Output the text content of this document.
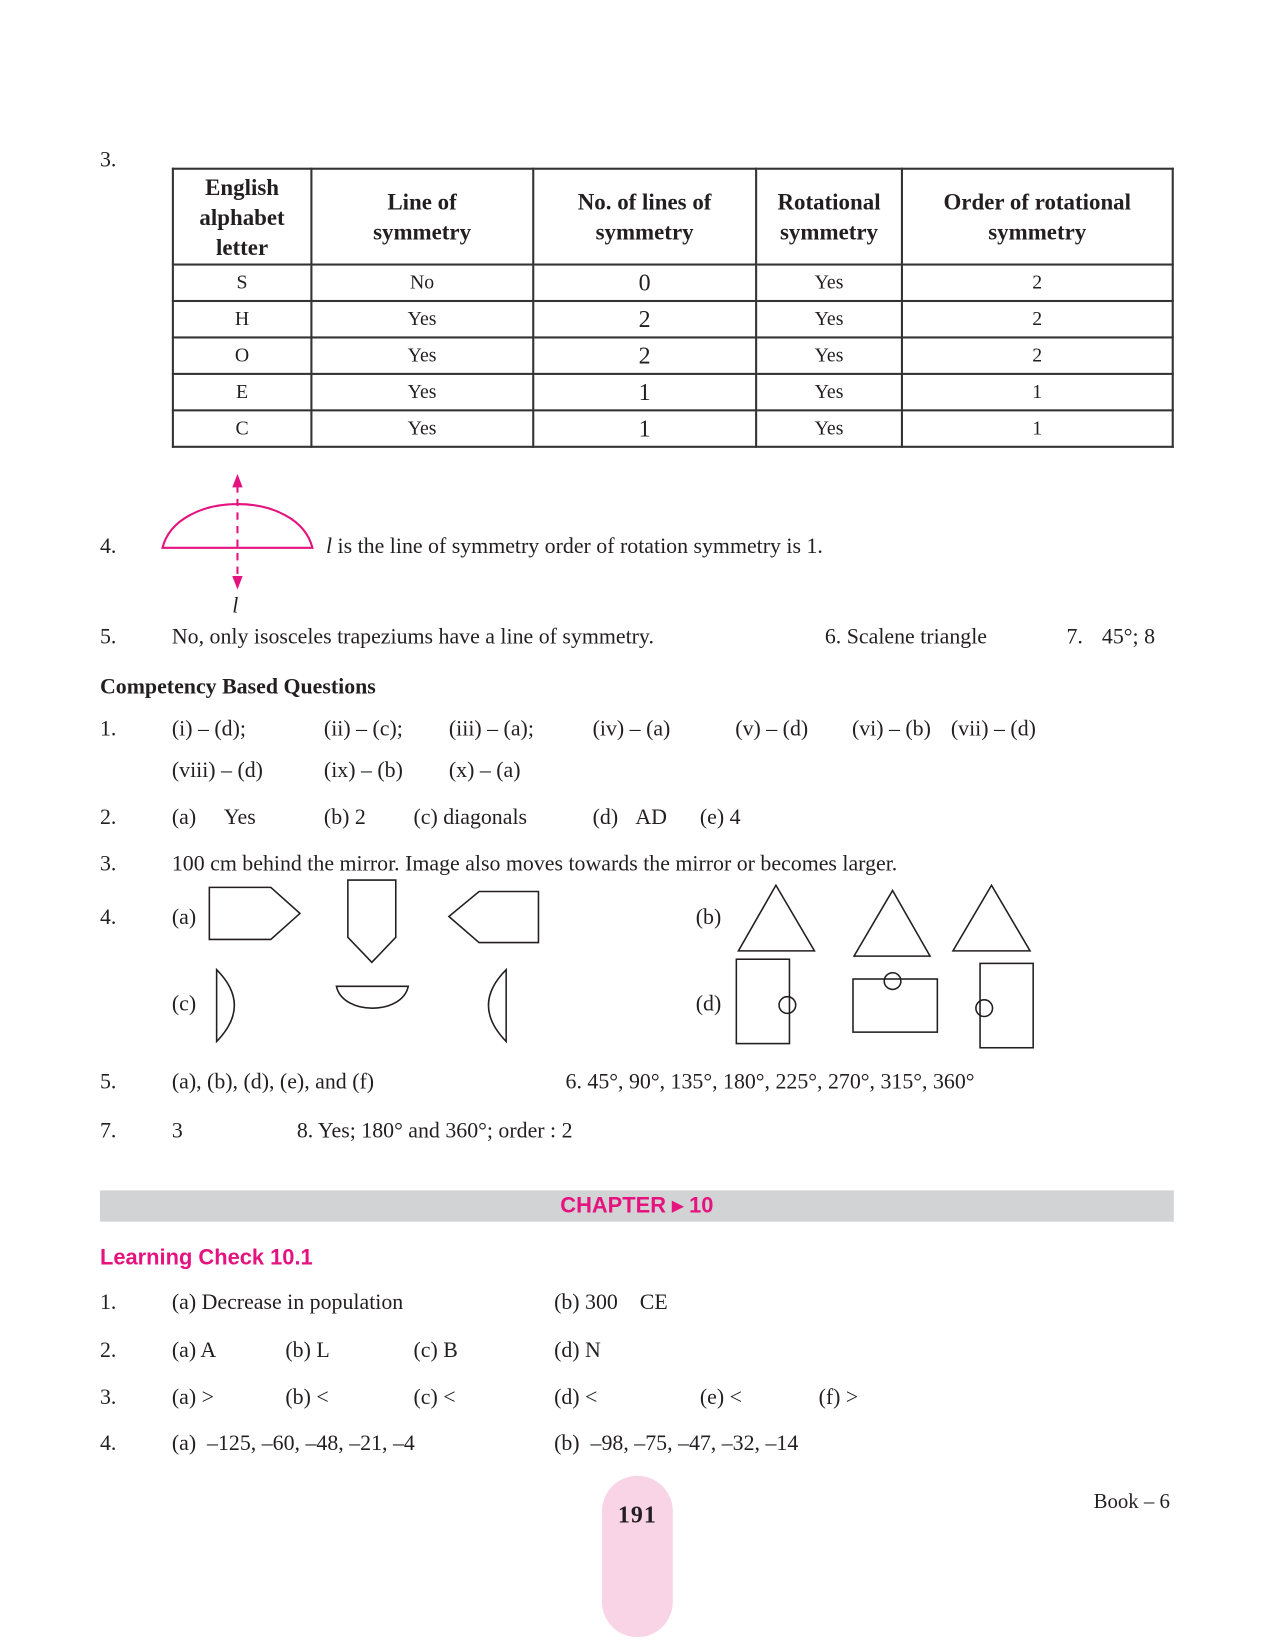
3.
English alphabet letter	Line of symmetry	No. of lines of symmetry	Rotational symmetry	Order of rotational symmetry
S	No	0	Yes	2
H	Yes	2	Yes	2
O	Yes	2	Yes	2
E	Yes	1	Yes	1
C	Yes	1	Yes	1
4.
l
l is the line of symmetry order of rotation symmetry is 1.
5.	No, only isosceles trapeziums have a line of symmetry.	6. Scalene triangle	7. 45°; 8
Competency Based Questions
1.	(i) – (d);	(ii) – (c); (iii) – (a);	(iv) – (a)	(v) – (d) (vi) – (b) (vii) – (d)
(viii) – (d)	(ix) – (b) (x) – (a)
2.	(a) Yes	(b) 2 (c) diagonals	(d) AD (e) 4
3.	100 cm behind the mirror. Image also moves towards the mirror or becomes larger.
4.	(a)	(b)
(c)	(d)
5.	(a), (b), (d), (e), and (f)	6. 45°, 90°, 135°, 180°, 225°, 270°, 315°, 360°
7.	3	8. Yes; 180° and 360°; order : 2
CHAPTER ▸ 10
Learning Check 10.1
1.	(a) Decrease in population	(b) 300    CE
2.	(a) A	(b) L	(c) B	(d) N
3.	(a) >	(b) <	(c) <	(d) <	(e) <	(f) >
4.	(a)  –125, –60, –48, –21, –4	(b)  –98, –75, –47, –32, –14
191
Book – 6
